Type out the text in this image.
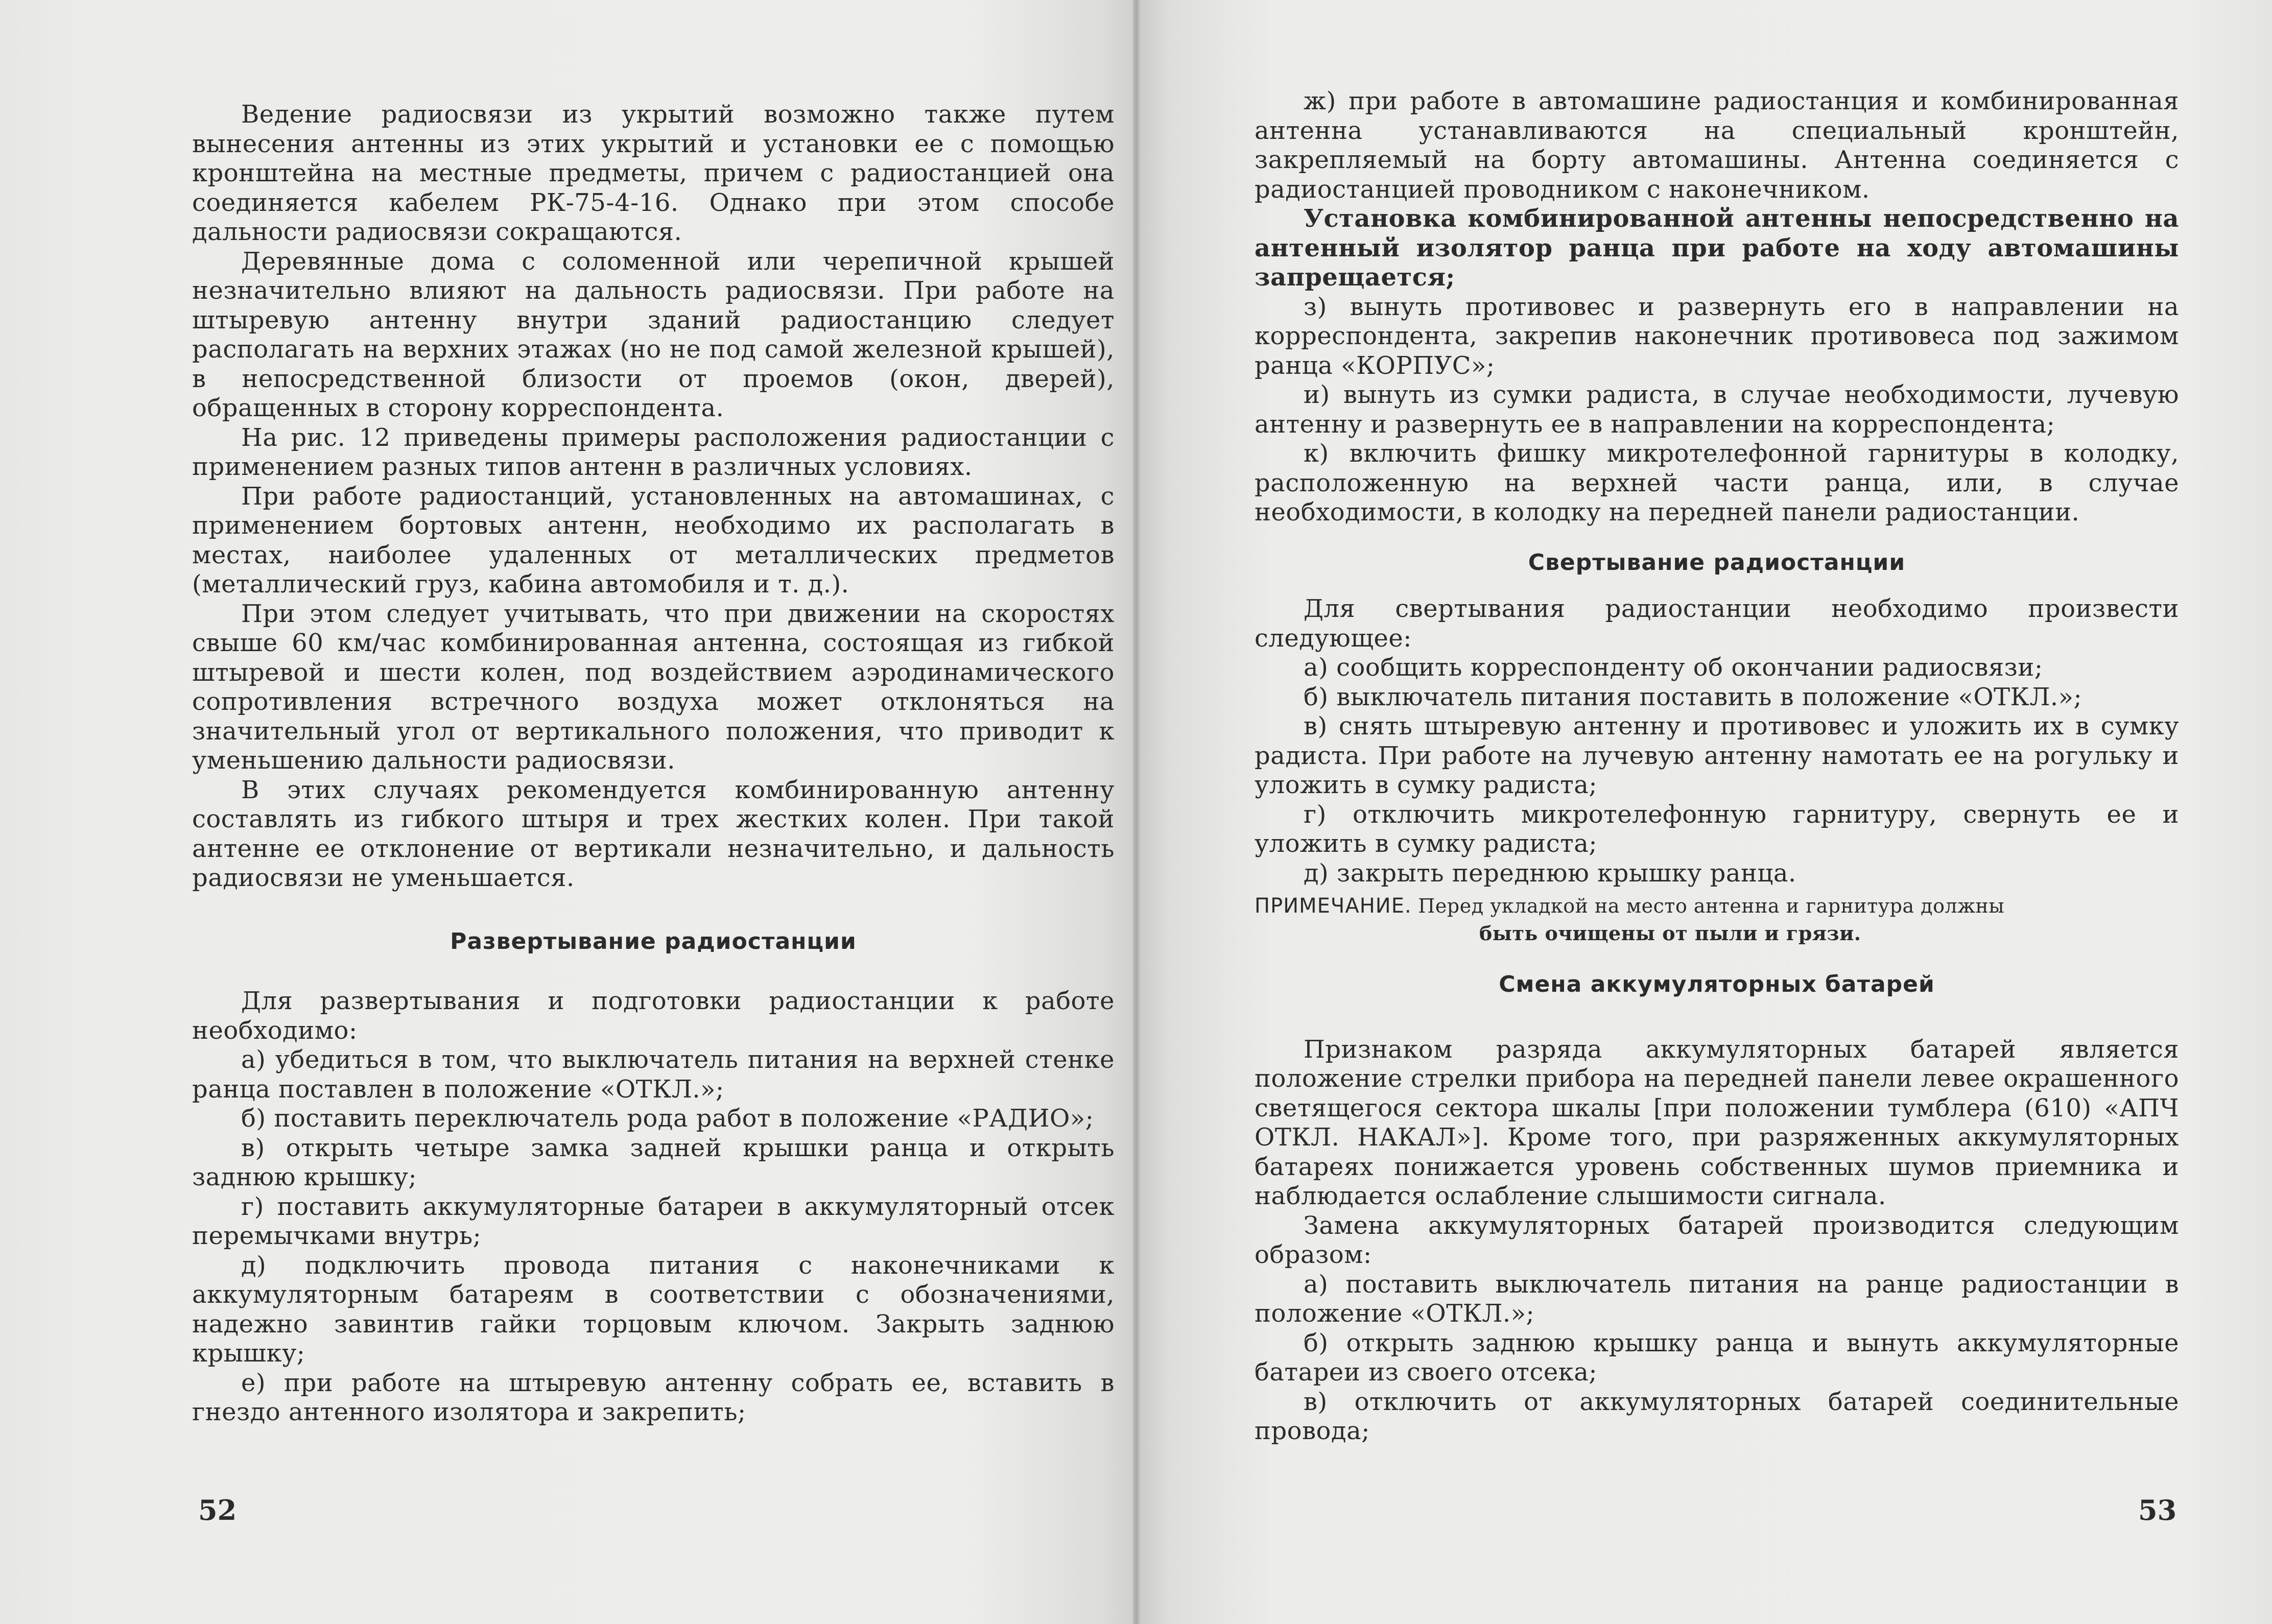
Ведение радиосвязи из укрытий возможно также путем вынесения антенны из этих укрытий и установки ее с помощью кронштейна на местные предметы, причем с радиостанцией она соединяется кабелем РК-75-4-16. Однако при этом способе дальности радиосвязи сокращаются.

Деревянные дома с соломенной или черепичной крышей незначительно влияют на дальность радиосвязи. При работе на штыревую антенну внутри зданий радиостанцию следует располагать на верхних этажах (но не под самой железной крышей), в непосредственной близости от проемов (окон, дверей), обращенных в сторону корреспондента.

На рис. 12 приведены примеры расположения радиостанции с применением разных типов антенн в различных условиях.

При работе радиостанций, установленных на автомашинах, с применением бортовых антенн, необходимо их располагать в местах, наиболее удаленных от металлических предметов (металлический груз, кабина автомобиля и т. д.).

При этом следует учитывать, что при движении на скоростях свыше 60 км/час комбинированная антенна, состоящая из гибкой штыревой и шести колен, под воздействием аэродинамического сопротивления встречного воздуха может отклоняться на значительный угол от вертикального положения, что приводит к уменьшению дальности радиосвязи.

В этих случаях рекомендуется комбинированную антенну составлять из гибкого штыря и трех жестких колен. При такой антенне ее отклонение от вертикали незначительно, и дальность радиосвязи не уменьшается.

Развертывание радиостанции

Для развертывания и подготовки радиостанции к работе необходимо:

а) убедиться в том, что выключатель питания на верхней стенке ранца поставлен в положение «ОТКЛ.»;

б) поставить переключатель рода работ в положение «РАДИО»;

в) открыть четыре замка задней крышки ранца и открыть заднюю крышку;

г) поставить аккумуляторные батареи в аккумуляторный отсек перемычками внутрь;

д) подключить провода питания с наконечниками к аккумуляторным батареям в соответствии с обозначениями, надежно завинтив гайки торцовым ключом. Закрыть заднюю крышку;

е) при работе на штыревую антенну собрать ее, вставить в гнездо антенного изолятора и закрепить;

52

ж) при работе в автомашине радиостанция и комбинированная антенна устанавливаются на специальный кронштейн, закрепляемый на борту автомашины. Антенна соединяется с радиостанцией проводником с наконечником.

Установка комбинированной антенны непосредственно на антенный изолятор ранца при работе на ходу автомашины запрещается;

з) вынуть противовес и развернуть его в направлении на корреспондента, закрепив наконечник противовеса под зажимом ранца «КОРПУС»;

и) вынуть из сумки радиста, в случае необходимости, лучевую антенну и развернуть ее в направлении на корреспондента;

к) включить фишку микротелефонной гарнитуры в колодку, расположенную на верхней части ранца, или, в случае необходимости, в колодку на передней панели радиостанции.

Свертывание радиостанции

Для свертывания радиостанции необходимо произвести следующее:

а) сообщить корреспонденту об окончании радиосвязи;

б) выключатель питания поставить в положение «ОТКЛ.»;

в) снять штыревую антенну и противовес и уложить их в сумку радиста. При работе на лучевую антенну намотать ее на рогульку и уложить в сумку радиста;

г) отключить микротелефонную гарнитуру, свернуть ее и уложить в сумку радиста;

д) закрыть переднюю крышку ранца.

ПРИМЕЧАНИЕ. Перед укладкой на место антенна и гарнитура должны
быть очищены от пыли и грязи.

Смена аккумуляторных батарей

Признаком разряда аккумуляторных батарей является положение стрелки прибора на передней панели левее окрашенного светящегося сектора шкалы [при положении тумблера (610) «АПЧ ОТКЛ. НАКАЛ»]. Кроме того, при разряженных аккумуляторных батареях понижается уровень собственных шумов приемника и наблюдается ослабление слышимости сигнала.

Замена аккумуляторных батарей производится следующим образом:

а) поставить выключатель питания на ранце радиостанции в положение «ОТКЛ.»;

б) открыть заднюю крышку ранца и вынуть аккумуляторные батареи из своего отсека;

в) отключить от аккумуляторных батарей соединительные провода;

53
